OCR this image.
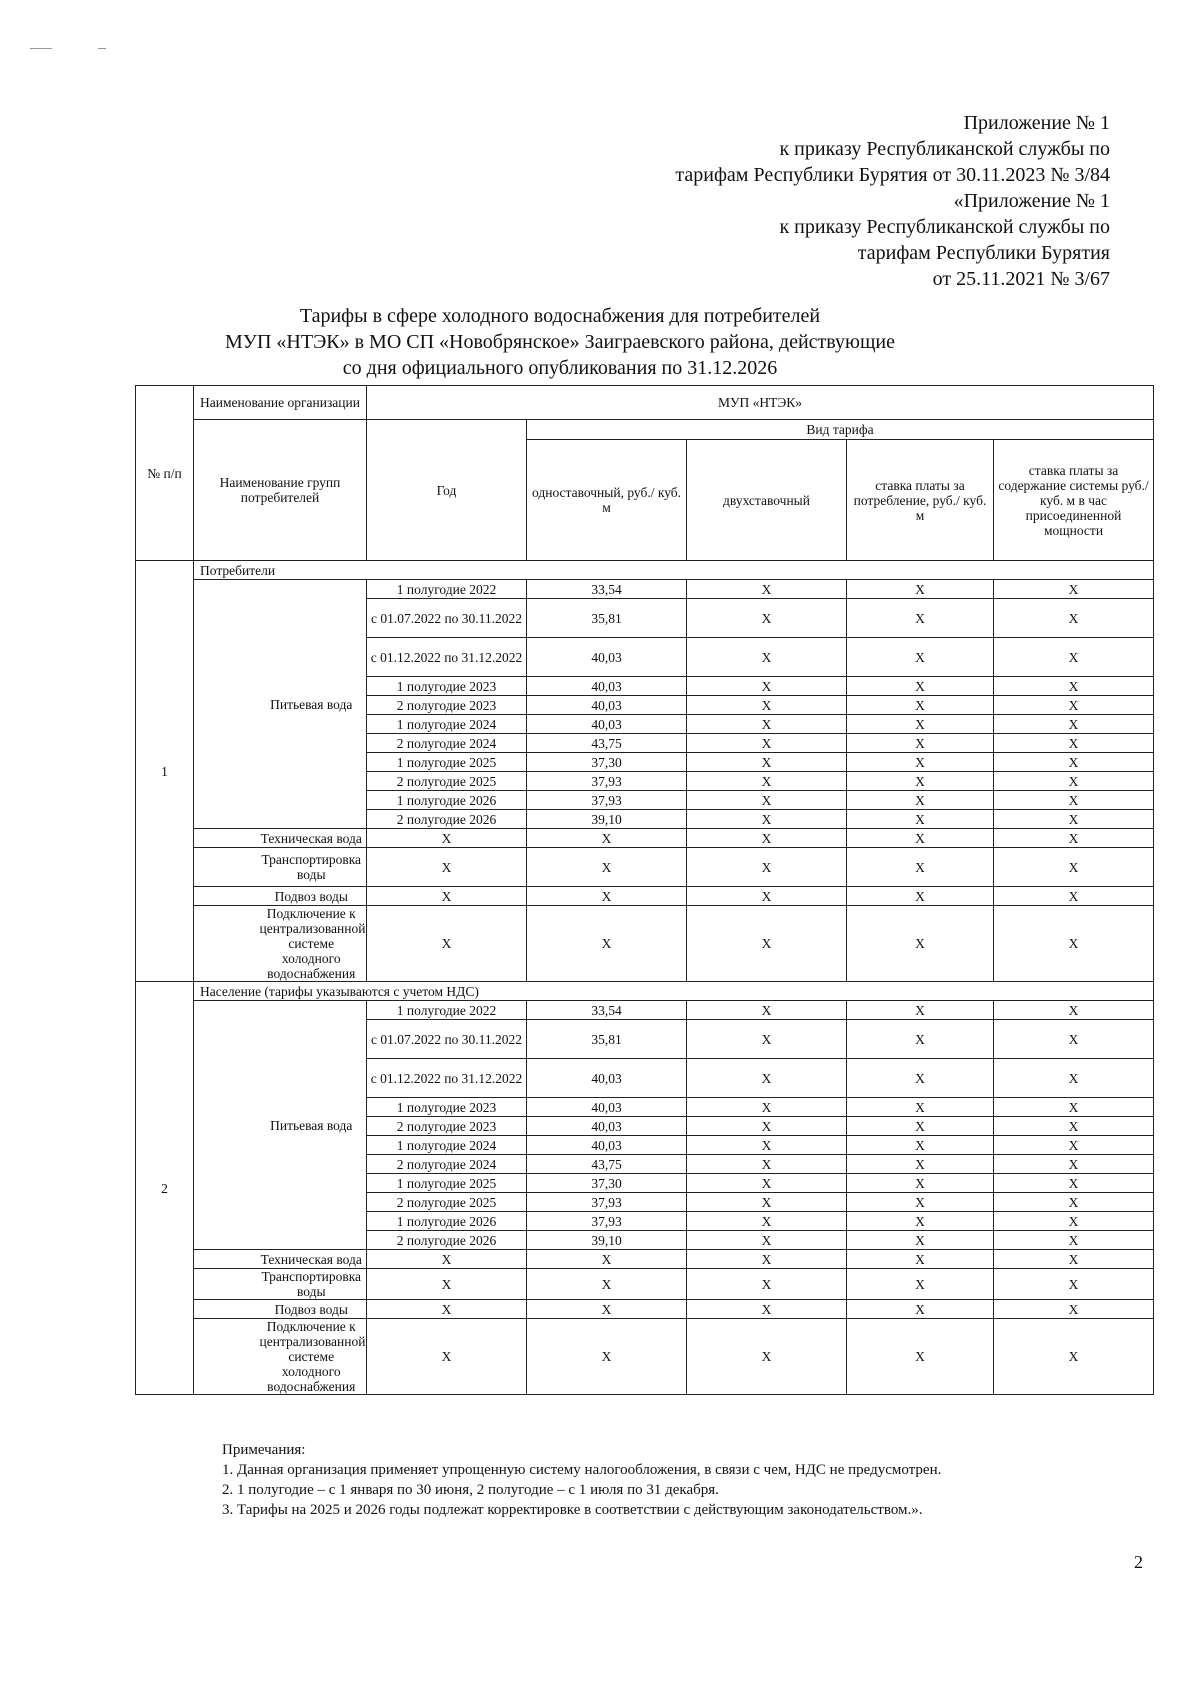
Приложение № 1
к приказу Республиканской службы по
тарифам Республики Бурятия от 30.11.2023 № 3/84
«Приложение № 1
к приказу Республиканской службы по
тарифам Республики Бурятия
от 25.11.2021 № 3/67
Тарифы в сфере холодного водоснабжения для потребителей
МУП «НТЭК» в МО СП «Новобрянское» Заиграевского района, действующие
со дня официального опубликования по 31.12.2026
№ п/п	Наименование организации		МУП «НТЭК»				
	Наименование групп потребителей		Год	Вид тарифа			
				одноставочный, руб./ куб. м	двухставочный	ставка платы за потребление, руб./ куб. м	ставка платы за содержание системы руб./куб. м в час присоединенной мощности
1	Потребители						
		Питьевая вода	1 полугодие 2022	33,54	X	X	X
			с 01.07.2022 по 30.11.2022	35,81	X	X	X
			с 01.12.2022 по 31.12.2022	40,03	X	X	X
			1 полугодие 2023	40,03	X	X	X
			2 полугодие 2023	40,03	X	X	X
			1 полугодие 2024	40,03	X	X	X
			2 полугодие 2024	43,75	X	X	X
			1 полугодие 2025	37,30	X	X	X
			2 полугодие 2025	37,93	X	X	X
			1 полугодие 2026	37,93	X	X	X
			2 полугодие 2026	39,10	X	X	X
		Техническая вода	X	X	X	X	X
		Транспортировка воды	X	X	X	X	X
		Подвоз воды	X	X	X	X	X
		Подключение к централизованной системе холодного водоснабжения	X	X	X	X	X
2	Население (тарифы указываются с учетом НДС)						
		Питьевая вода	1 полугодие 2022	33,54	X	X	X
			с 01.07.2022 по 30.11.2022	35,81	X	X	X
			с 01.12.2022 по 31.12.2022	40,03	X	X	X
			1 полугодие 2023	40,03	X	X	X
			2 полугодие 2023	40,03	X	X	X
			1 полугодие 2024	40,03	X	X	X
			2 полугодие 2024	43,75	X	X	X
			1 полугодие 2025	37,30	X	X	X
			2 полугодие 2025	37,93	X	X	X
			1 полугодие 2026	37,93	X	X	X
			2 полугодие 2026	39,10	X	X	X
		Техническая вода	X	X	X	X	X
		Транспортировка воды	X	X	X	X	X
		Подвоз воды	X	X	X	X	X
		Подключение к централизованной системе холодного водоснабжения	X	X	X	X	X
Примечания:
1. Данная организация применяет упрощенную систему налогообложения, в связи с чем, НДС не предусмотрен.
2. 1 полугодие – с 1 января по 30 июня, 2 полугодие – с 1 июля по 31 декабря.
3. Тарифы на 2025 и 2026 годы подлежат корректировке в соответствии с действующим законодательством.».
2
